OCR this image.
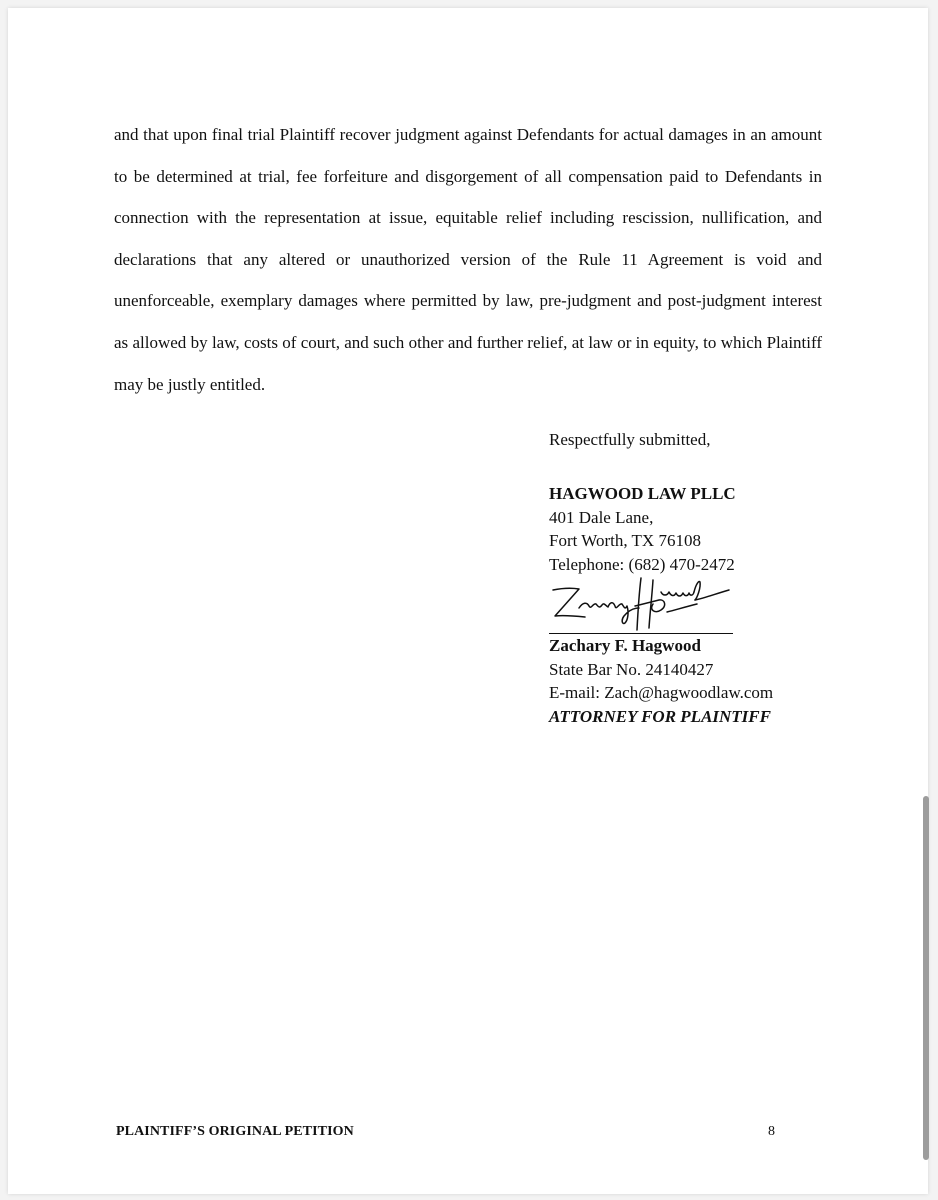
and that upon final trial Plaintiff recover judgment against Defendants for actual damages in an amount to be determined at trial, fee forfeiture and disgorgement of all compensation paid to Defendants in connection with the representation at issue, equitable relief including rescission, nullification, and declarations that any altered or unauthorized version of the Rule 11 Agreement is void and unenforceable, exemplary damages where permitted by law, pre-judgment and post-judgment interest as allowed by law, costs of court, and such other and further relief, at law or in equity, to which Plaintiff may be justly entitled.

Respectfully submitted,
HAGWOOD LAW PLLC
401 Dale Lane,
Fort Worth, TX 76108
Telephone: (682) 470-2472
Zachary F. Hagwood
State Bar No. 24140427
E-mail: Zach@hagwoodlaw.com
ATTORNEY FOR PLAINTIFF
PLAINTIFF’S ORIGINAL PETITION	8
